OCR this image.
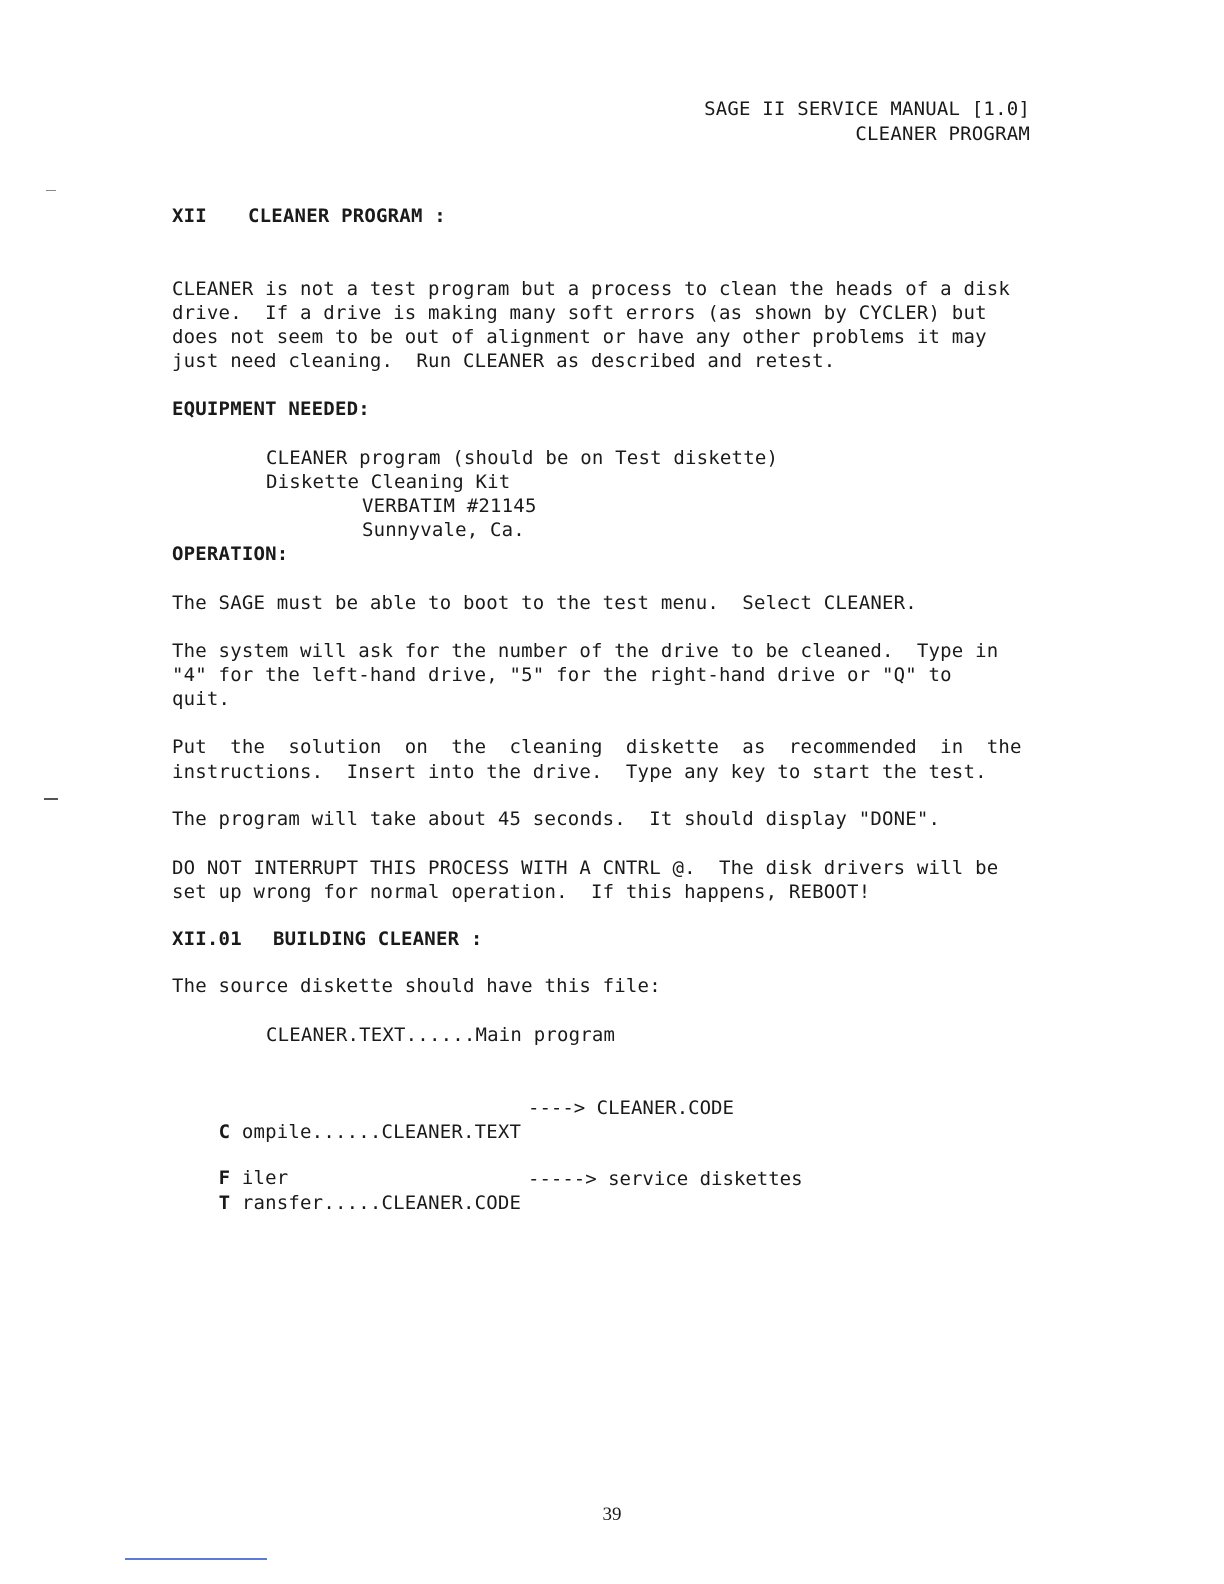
SAGE II SERVICE MANUAL [1.0]
CLEANER PROGRAM
XII CLEANER PROGRAM :
CLEANER is not a test program but a process to clean the heads of a disk
drive.  If a drive is making many soft errors (as shown by CYCLER) but
does not seem to be out of alignment or have any other problems it may
just need cleaning.  Run CLEANER as described and retest.
EQUIPMENT NEEDED:
CLEANER program (should be on Test diskette)
Diskette Cleaning Kit
VERBATIM #21145
Sunnyvale, Ca.
OPERATION:
The SAGE must be able to boot to the test menu.  Select CLEANER.
The system will ask for the number of the drive to be cleaned.  Type in
"4" for the left-hand drive, "5" for the right-hand drive or "Q" to
quit.
Put  the  solution  on  the  cleaning  diskette  as  recommended  in  the
instructions.  Insert into the drive.  Type any key to start the test.
The program will take about 45 seconds.  It should display "DONE".
DO NOT INTERRUPT THIS PROCESS WITH A CNTRL @.  The disk drivers will be
set up wrong for normal operation.  If this happens, REBOOT!
XII.01 BUILDING CLEANER :
The source diskette should have this file:
CLEANER.TEXT......Main program

C ompile......CLEANER.TEXT

----> CLEANER.CODE

F iler

T ransfer.....CLEANER.CODE

-----> service diskettes
39
